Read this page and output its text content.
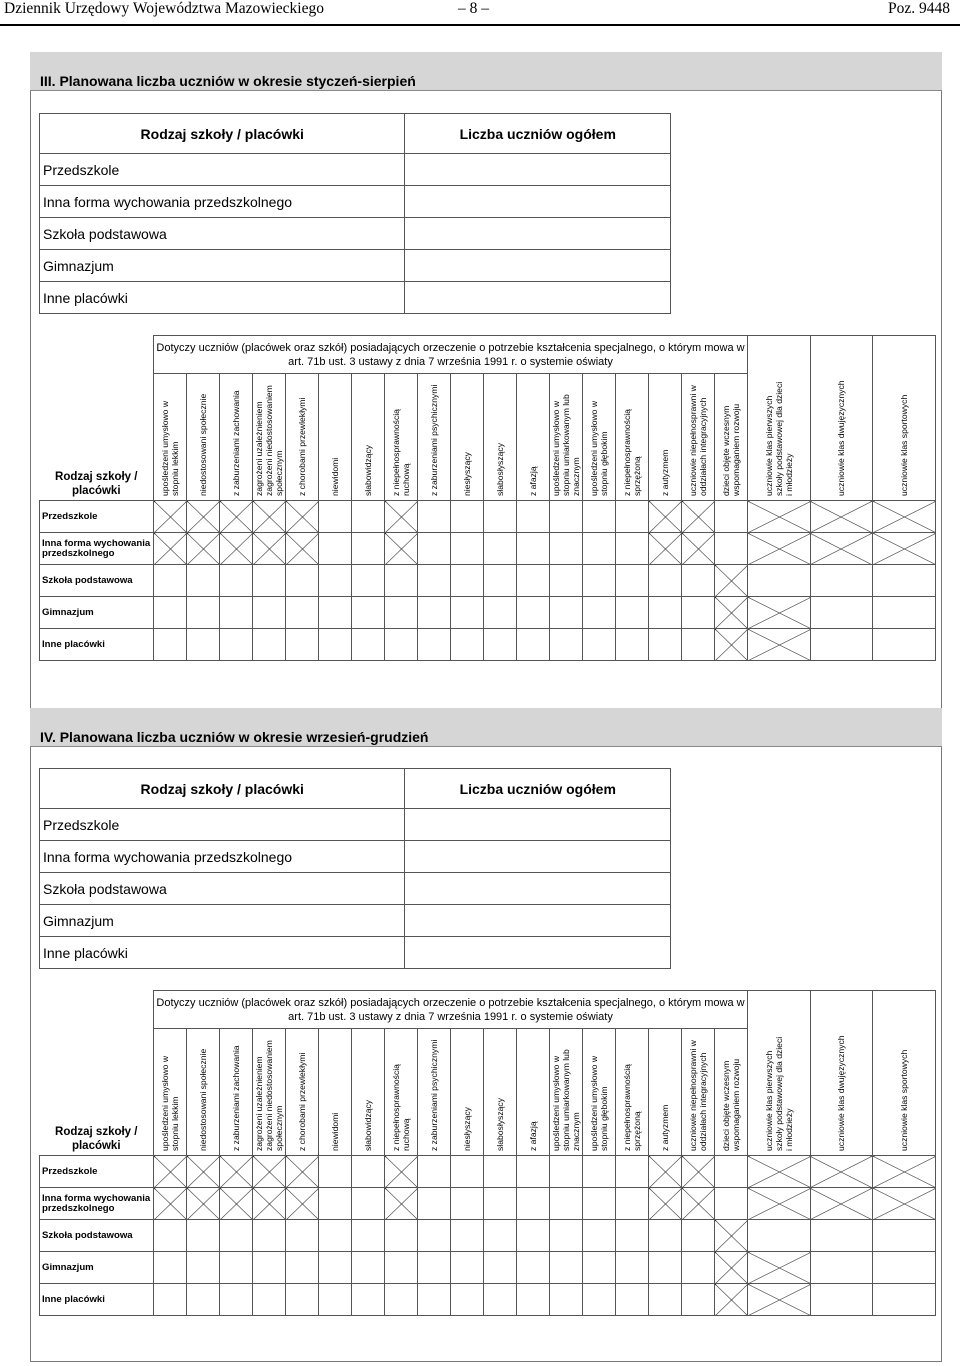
Dziennik Urzędowy Województwa Mazowieckiego	– 8 –	Poz. 9448
III. Planowana liczba uczniów w okresie styczeń-sierpień
Rodzaj szkoły / placówki	Liczba uczniów ogółem
Przedszkole	
Inna forma wychowania przedszkolnego	
Szkoła podstawowa	
Gimnazjum	
Inne placówki	
Rodzaj szkoły / placówki	Dotyczy uczniów (placówek oraz szkół) posiadających orzeczenie o potrzebie kształcenia specjalnego, o którym mowa w art. 71b ust. 3 ustawy z dnia 7 września 1991 r. o systemie oświaty																		uczniowie klas pierwszych szkoły podstawowej dla dzieci i młodzieży	uczniowie klas dwujęzycznych	uczniowie klas sportowych

	upośledzeni umysłowo w stopniu lekkim	niedostosowani społecznie	z zaburzeniami zachowania	zagrożeni uzależnieniem zagrożeni niedostosowaniem społecznym	z chorobami przewlekłymi	niewidomi	słabowidzący	z niepełnosprawnością ruchową	z zaburzeniami psychicznymi	niesłyszący	słabosłyszący	z afazją	upośledzeni umysłowo w stopniu umiarkowanym lub znacznym	upośledzeni umysłowo w stopniu głębokim	z niepełnosprawnością sprzężoną	z autyzmem	uczniowie niepełnosprawni w oddziałach integracyjnych	dzieci objęte wczesnym wspomaganiem rozwoju			

Przedszkole																					
Inna forma wychowania przedszkolnego																					
Szkoła podstawowa																					
Gimnazjum																					
Inne placówki																					
IV. Planowana liczba uczniów w okresie wrzesień-grudzień
Rodzaj szkoły / placówki	Liczba uczniów ogółem
Przedszkole	
Inna forma wychowania przedszkolnego	
Szkoła podstawowa	
Gimnazjum	
Inne placówki	
Rodzaj szkoły / placówki	Dotyczy uczniów (placówek oraz szkół) posiadających orzeczenie o potrzebie kształcenia specjalnego, o którym mowa w art. 71b ust. 3 ustawy z dnia 7 września 1991 r. o systemie oświaty																		uczniowie klas pierwszych szkoły podstawowej dla dzieci i młodzieży	uczniowie klas dwujęzycznych	uczniowie klas sportowych

	upośledzeni umysłowo w stopniu lekkim	niedostosowani społecznie	z zaburzeniami zachowania	zagrożeni uzależnieniem zagrożeni niedostosowaniem społecznym	z chorobami przewlekłymi	niewidomi	słabowidzący	z niepełnosprawnością ruchową	z zaburzeniami psychicznymi	niesłyszący	słabosłyszący	z afazją	upośledzeni umysłowo w stopniu umiarkowanym lub znacznym	upośledzeni umysłowo w stopniu głębokim	z niepełnosprawnością sprzężoną	z autyzmem	uczniowie niepełnosprawni w oddziałach integracyjnych	dzieci objęte wczesnym wspomaganiem rozwoju			

Przedszkole																					
Inna forma wychowania przedszkolnego																					
Szkoła podstawowa																					
Gimnazjum																					
Inne placówki																					
